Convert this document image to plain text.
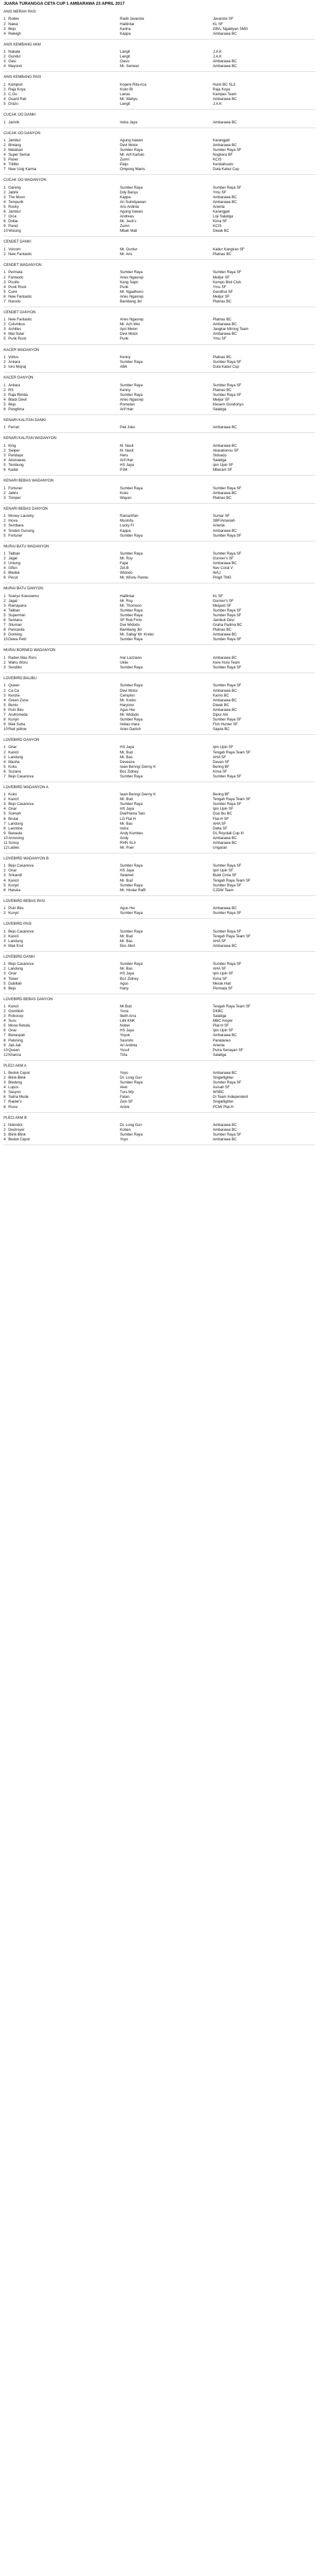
JUARA TURANGGA CETA CUP 1 AMBARAWA 23 APRIL 2017
ANIS MERAH PASI
1 Rodex	Radit Javanize	Javanize SF
2 Nawa	Halilintar	KL SF
3 Bejo	Karina	GBA, Ngablyan SMG
4 Releigh	Kappa	Ambarawa BC
ANIS KEMBANG AKM
1 Nakata	Langit	J.A.K
2 Gundul	Langit	J.A.K
3 Oasi	Oasis	Ambarawa BC
4 Mayoret	Mr. Semeer	Ambarawa BC
ANIS KEMBANG PASI
1 Kampret	Kopeni Rita-rica	Honk BC SL3
2 Raja Koya	Koko BI	Raja Koya
3 C.Go	Larias	Kampas Team
4 Guard Rail	Mr. Wahyu	Ambarawa BC
5 Drazo	Langit	J.A.K
CUCAK IJO DANKI
1 Jamrik	Indra Jaya	Ambarawa BC
CUCAK IJO DANYON
1 Jambul	Agung Irawan	Karangjati
2 Bintang	Devi Motor	Ambarawa BC
3 Matahari	Sumber Raya	Sumber Raya SF
4 Super Semar	Mr. Arif Kartolo	Nogkera BF
5 Panel	Zumri	KCIS
6 Trilillin	Paijo	Kendalisodo
7 New Ucig Karma	Ompong Manis	Duta Kabul Cup
CUCAK IJO WADANYON
1 Gareng	Sumber Raya	Sumber Raya SF
2 Jabrik	Ddy Banyu	Ymu SF
3 The Moon	Kappa	Ambarawa BC
4 Tempurik	Ari Sulistiyawan	Ambarawa BC
5 Rocky	Aris Ardinta	Arienta
6 Jambul	Agung Irawan	Karangjati
7 Orca	Andreas	Loji Salatiga
8 Dollar	Mr. Jeck's	Kima SF
9 Panel	Zumri	KCIS
10 Wulung	Mbah Mali	Diwak BC
CENDET DANKI
1 Volcom	Mr. Guntur	Kabur Kangiran SF
2 New Fantastic	Mr. Aris	Platnas BC
CENDET WADANYON
1 Permata	Sumber Raya	Sumber Raya SF
2 Fantastic	Aries Ngasrep	Meiljor SF
3 Picollo	Kang Sapri	Kempo Bird Club
4 Punk Rock	Punk	Ymu SF
5 Cumi	Mr. Ngadhono	Gendhut SF
6 New Fantastic	Aries Ngasrep	Meiljor SF
7 Narodo	Bambang Jkt	Platnas BC
CENDET DANYON
1 New Fantastic	Aries Ngasrep	Platnas BC
2 Columbus	Mr. Ach Wer	Ambarawa BC
3 Achilles	Apri Melon	Jangkar Mirring Team
4 Mat Solar	Devi Motor	Ambarawa BC
5 Punk Rock	Punk	Ymu SF
KACER WADANYON
1 Voltus	Kenny	Platnas BC
2 Ankara	Sumber Raya	Sumber Raya SF
3 Ioro Mojraj	ABK	Duta Kabul Cup
KACER DANYON
1 Ankara	Sumber Raya	Sumber Raya SF
2 RS	Kenny	Platnas BC
3 Raja Rimba	Sumber Raya	Sumber Raya SF
4 Black Devil	Aries Ngasrep	Meiljor SF
5 Bejo	Romelan	Klesem Gondoriyo
6 Pangtima	Arif Han	Salatiga
KENARI KALITAN DANKI
1 Ferrari	Pak Joko	Ambarawa BC
KENARI KALITAN WADANYON
1 King	M. Nasit	Ambarawa BC
2 Swiper	M. Nasit	Akarabonou SF
3 Pandaya	Heru	Sidoarjo
4 Abunawas	Arif Han	Salatiga
5 Tembung	HS Jaya	Ipin Upin SF
6 Kadal	PJM	Mberam SF
KENARI BEBAS WADANYON
1 Fortuner	Sumber Raya	Sumber Raya SF
2 Jabrix	Koko	Ambarawa BC
3 Tompel	Wayan	Platnas BC
KENARI BEBAS DANYON
1 Money Laundry	Rama/Irfan	Sumar SF
2 Inova	Mustofa	SBF/Amanah
3 Sembara	Lucky Fr	Arienta
4 Sinden Gunung	Kappa	Ambarawa BC
5 Fortuner	Sumber Raya	Sumber Raya SF
MURAI BATU WADANYON
1 Taliban	Sumber Raya	Sumber Raya SF
2 Jagal	Mr. Roy	Gunner's SF
3 Untung	Fajar	Ambarawa BC
4 Izifun	Zet.B	Nev Coral V
5 Bledek	Widodo	WAJ
6 Pecut	Mr. Wisnu Pandu	Pingit TMG
MURAI BATU DANYON
1 Soeryo Koesoemo	Halilintar	KL SF
2 Jagal	Mr. Roy	Gunner's SF
3 Ramayana	Mr. Thomson	Meijasti SF
4 Taliban	Sumber Raya	Sumber Raya SF
5 Superman	Sumber Raya	Sumber Raya SF
6 Sentanu	SF Rob Fmm	Jambuk Devi
7 Siluman	Dwi Widodo	Graha Padma BC
8 Pancasila	Bambang Jkt	Platnas BC
9 Donking	Mr. Sabig/ Mr. Krebo	Ambarawa BC
10 Dewa Petir	Sumber Raya	Sumber Raya SF
MURAI BORNEO WADANYON
1 Raden Mas Roro	Har Lazziano	Ambarawa BC
2 Wahu Woru	Ukiie	Kere Hore Team
3 Sendiko	Sumber Raya	Sumber Raya SF
LOVEBIRD BALIBU
1 Queen	Sumber Raya	Sumber Raya SF
2 Ca Ca	Devi Motor	Ambarawa BC
3 Kenzie	Cemplon	Karno BC
4 Green Zone	Mr. Krebo	Ambarawa BC
5 Bento	Haryono	Diwak BC
6 Putri Biru	Agus Hw	Ambarawa BC
7 Andromeda	Mr. Widodo	Dipur Abi
8 Kunyil	Sumber Raya	Sumber Raya SF
9 Mak Suha	Indiao mara	Fish Hunter SF
10 Red yellow	Aries Danish	Sajuta BC
LOVEBIRD DANYON
1 Onar	HS Jaya	Ipin Upin SF
2 Kancil	Mr. Bud	Tengah Raya Team SF
3 Landung	Mr. Bas	AHA SF
4 Masha	Deveeza	Devan SF
5 Koko	Iwan Bering/ Denny K	Bering BF
6 Suzana	Boz Zidney	Kima SF
7 Bejo Casanova	Sumber Raya	Sumber Raya SF
LOVEBIRD WADANYON A
1 Koko	Iwan Bering/ Denny K	Bering BF
2 Kancil	Mr. Bud	Tengah Raya Team SF
3 Bejo Casanova	Sumber Raya	Sumber Raya SF
4 Onar	HS Jaya	Ipin Upin SF
5 Soimah	Dwi/Hama Tato	Doa Ibu BC
6 Brutal	LG Flat H	Flat-H SF
7 Landung	Mr. Bas	AHA SF
8 Leontine	Indra	Delta SF
9 Banaula	Andy Kombes	DL Royolali Cup III
10 Annoving	Andy	Ambarawa BC
11 Sonoy	RHN SL3	Ambarawa BC
12 Ladies	Mr. Poer	Ungaran
LOVEBIRD WADANYON B
1 Bejo Casanova	Sumber Raya	Sumber Raya SF
2 Onar	HS Jaya	Ipin Upin SF
3 Srikandi	Selamet	Bukit Cinta SF
4 Kancil	Mr. Bud	Tengah Raya Team SF
5 Kunyil	Sumber Raya	Sumber Raya SF
6 Haruka	Mr. Hindar Raffi	CJDW Team
LOVEBIRD BEBAS PASI
1 Putri Biru	Agus Hw	Ambarawa BC
2 Kunyil	Sumber Raya	Sumber Raya SF
LOVEBIRD PASI
1 Bejo Casanova	Sumber Raya	Sumber Raya SF
2 Kancil	Mr. Bud	Tengah Raya Team SF
3 Landung	Mr. Bas	AHA SF
4 Mak Erot	Eko Jibril	Ambarawa BC
LOVEBIRD DANKI
1 Bejo Casanova	Sumber Raya	Sumber Raya SF
2 Landung	Mr. Bas	AHA SF
3 Onar	HS Jaya	Ipin Upin SF
4 Tower	Boz Zidney	Kima SF
5 Dubillah	Agus	Merak Hati
6 Bejo	Hany	Permata SF
LOVEBIRD BEBAS DANYON
1 Kancil	Mr.Bud	Tengah Raya Team SF
2 Gombloh	Yuna	DKBC
3 Robocop	Ibeth Arra	Salatiga
4 Suru	Lilik KNK	MBC Ampel
5 Mona Retuliu	Nobel	Plat-H SF
6 Onar	HS Jaya	Ipin Upin SF
7 Banaspati	Yoyok	Ambarawa BC
8 Paloning	Sasmito	Panatanes
9 Jali-Jali	Ari Ardinta	Arienta
10 Queen	Yusuf	Putra Senayan SF
12 Khanza	Tirta	Salatiga
PLECI AKM A
1 Bedok Cepot	Yoyo	Ambarawa BC
2 Blink-Blink	Dt. Long Gun	Singlefighter
3 Bledeng	Sumber Raya	Sumber Raya SF
4 Lupus	Aket	Asisah SF
5 Sasyoo	Turs.Wp	WSBC
6 Satria Muda	Fatan	Di Team Independent
7 Raider's	Zein SF	Singlefighter
8 Rossi	Antok	PCMI Plat-H
PLECI AKM B
1 Ndondot	Dt. Long Gun	Ambarawa BC
2 Destroyer	Koben	Ambarawa BC
3 Blink-Blink	Sumber Raya	Sumber Raya SF
4 Bedok Cepot	Yoyo	Ambarawa BC
